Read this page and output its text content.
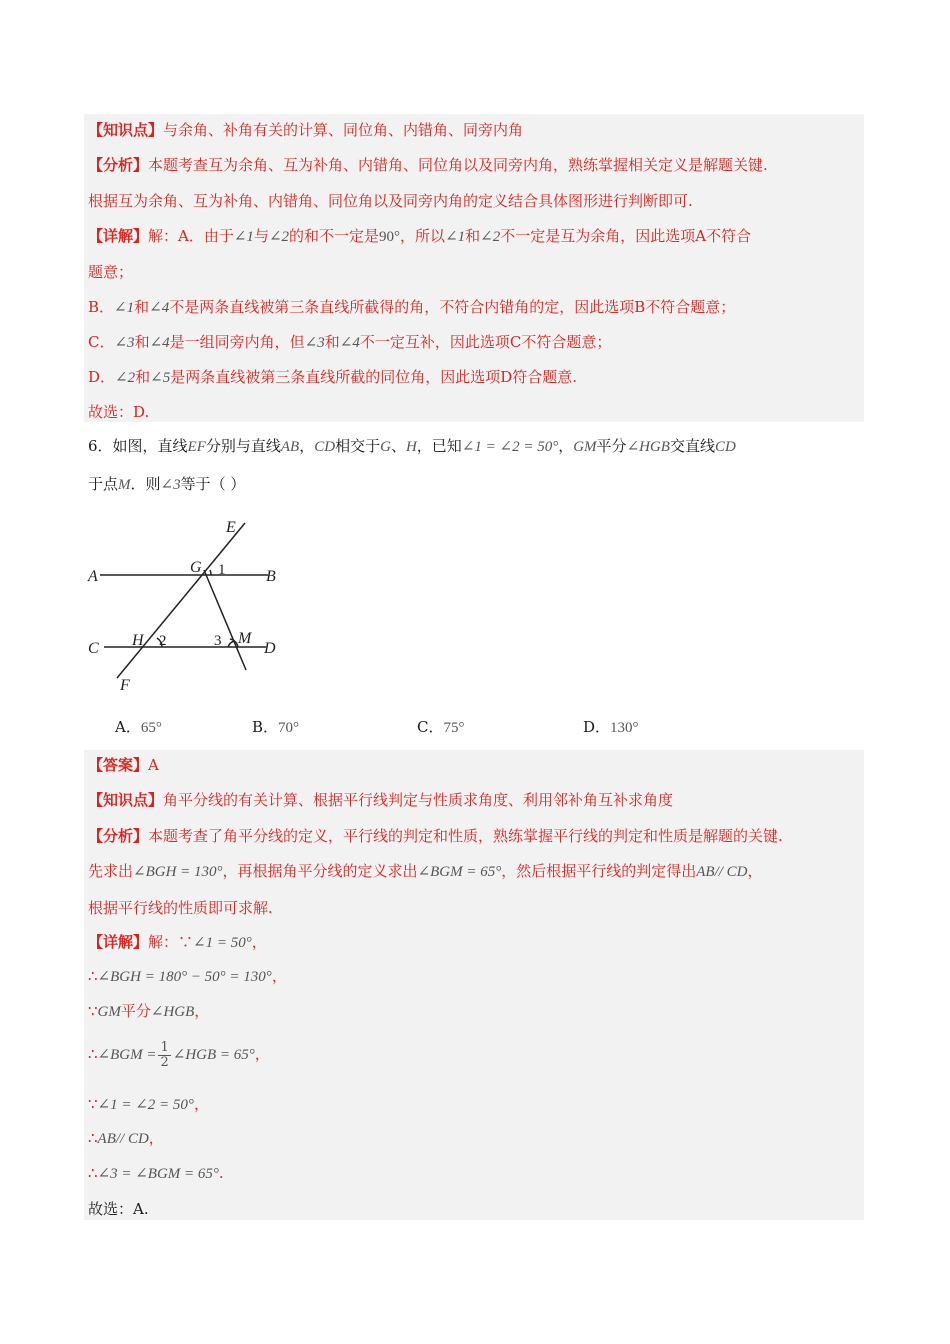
【知识点】与余角、补角有关的计算、同位角、内错角、同旁内角
【分析】本题考查互为余角、互为补角、内错角、同位角以及同旁内角，熟练掌握相关定义是解题关键.
根据互为余角、互为补角、内错角、同位角以及同旁内角的定义结合具体图形进行判断即可.
【详解】解：A．由于∠1与∠2的和不一定是90°，所以∠1和∠2不一定是互为余角，因此选项A不符合
题意；
B．∠1和∠4不是两条直线被第三条直线所截得的角，不符合内错角的定，因此选项B不符合题意；
C．∠3和∠4是一组同旁内角，但∠3和∠4不一定互补，因此选项C不符合题意；
D．∠2和∠5是两条直线被第三条直线所截的同位角，因此选项D符合题意.
故选：D.
6．如图，直线EF分别与直线AB，CD相交于G、H，已知∠1 = ∠2 = 50°，GM平分∠HGB交直线CD
于点M．则∠3等于（ ）
E
A
G
B
C H	M
D
F
1
2	3
A．65°	B．70°	C．75°	D．130°
【答案】A
【知识点】角平分线的有关计算、根据平行线判定与性质求角度、利用邻补角互补求角度
【分析】本题考查了角平分线的定义，平行线的判定和性质，熟练掌握平行线的判定和性质是解题的关键.
先求出∠BGH = 130°，再根据角平分线的定义求出∠BGM = 65°，然后根据平行线的判定得出AB// CD，
根据平行线的性质即可求解.
【详解】解：∵∠1 = 50°，
∴∠BGH = 180° − 50° = 130°，
∵GM平分∠HGB，
∴∠BGM = $\frac{1}{2}$ ∠HGB = 65°，
∵∠1 = ∠2 = 50°，
∴AB// CD，
∴∠3 = ∠BGM = 65°.
故选：A.
